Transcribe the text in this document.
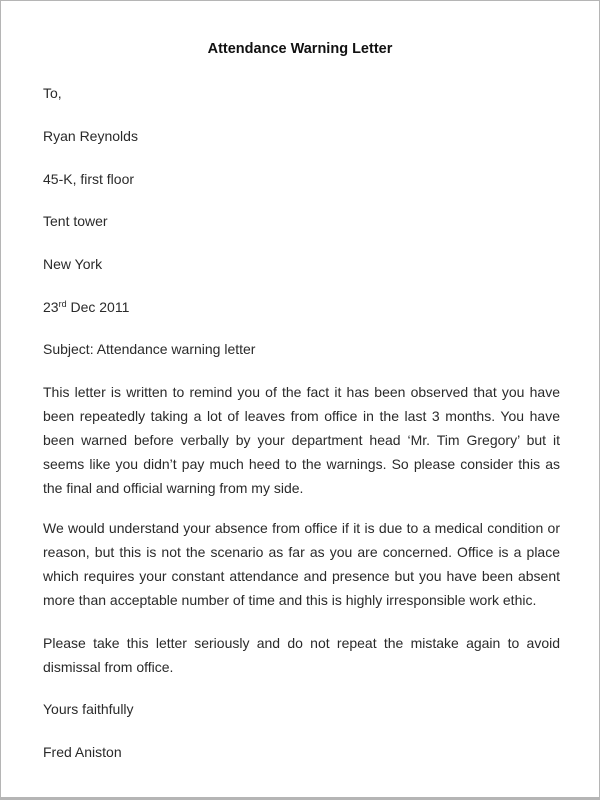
Attendance Warning Letter
To,
Ryan Reynolds
45-K, first floor
Tent tower
New York
23rd Dec 2011
Subject: Attendance warning letter
This letter is written to remind you of the fact it has been observed that you have been repeatedly taking a lot of leaves from office in the last 3 months. You have been warned before verbally by your department head ‘Mr. Tim Gregory’ but it seems like you didn’t pay much heed to the warnings. So please consider this as the final and official warning from my side.
We would understand your absence from office if it is due to a medical condition or reason, but this is not the scenario as far as you are concerned. Office is a place which requires your constant attendance and presence but you have been absent more than acceptable number of time and this is highly irresponsible work ethic.
Please take this letter seriously and do not repeat the mistake again to avoid dismissal from office.
Yours faithfully
Fred Aniston
